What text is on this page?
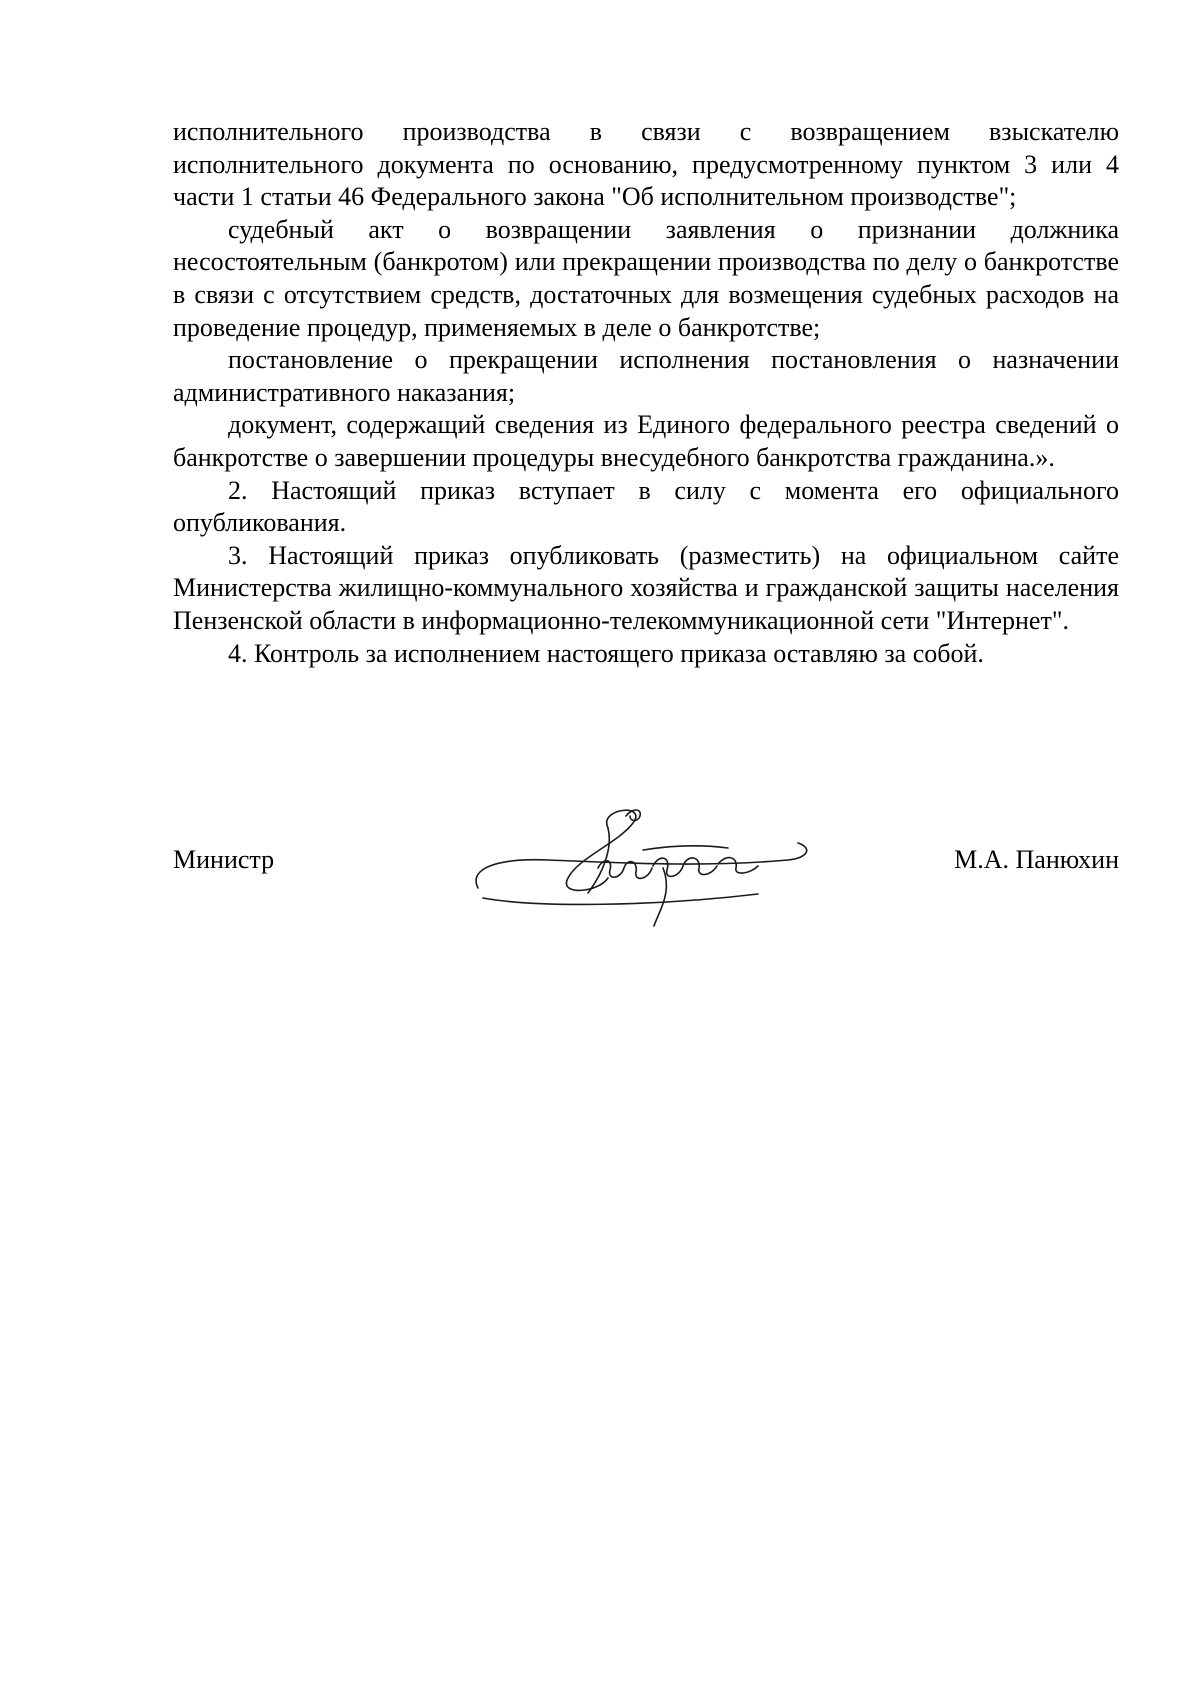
исполнительного производства в связи с возвращением взыскателю исполнительного документа по основанию, предусмотренному пунктом 3 или 4 части 1 статьи 46 Федерального закона "Об исполнительном производстве";

судебный акт о возвращении заявления о признании должника несостоятельным (банкротом) или прекращении производства по делу о банкротстве в связи с отсутствием средств, достаточных для возмещения судебных расходов на проведение процедур, применяемых в деле о банкротстве;

постановление о прекращении исполнения постановления о назначении административного наказания;

документ, содержащий сведения из Единого федерального реестра сведений о банкротстве о завершении процедуры внесудебного банкротства гражданина.».

2. Настоящий приказ вступает в силу с момента его официального опубликования.

3. Настоящий приказ опубликовать (разместить) на официальном сайте Министерства жилищно-коммунального хозяйства и гражданской защиты населения Пензенской области в информационно-телекоммуникационной сети "Интернет".

4. Контроль за исполнением настоящего приказа оставляю за собой.

Министр	М.А. Панюхин
